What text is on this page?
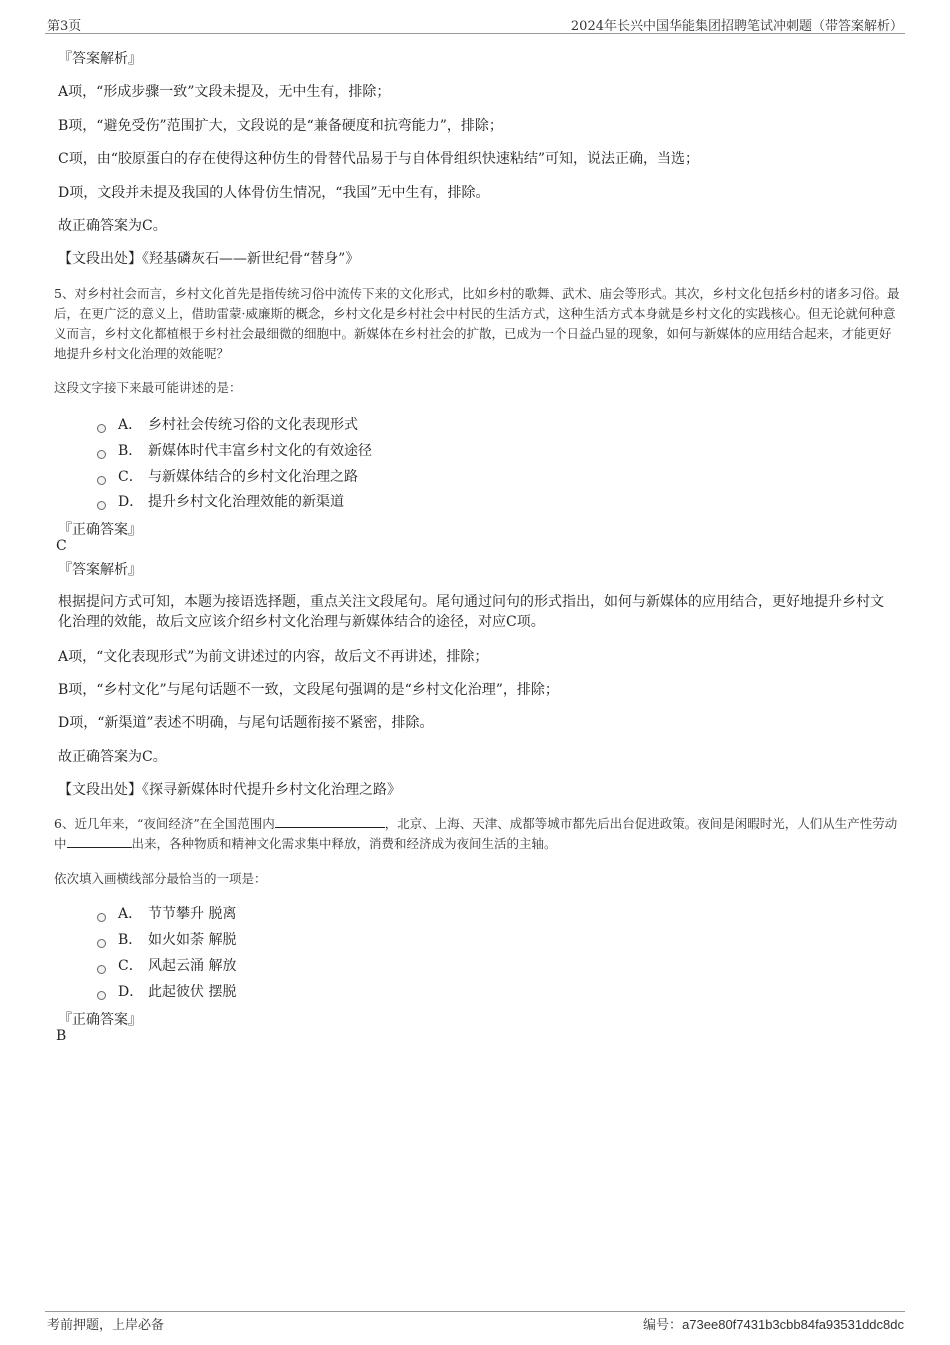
第3页	2024年长兴中国华能集团招聘笔试冲刺题（带答案解析）
『答案解析』
A项，“形成步骤一致”文段未提及，无中生有，排除；
B项，“避免受伤”范围扩大，文段说的是“兼备硬度和抗弯能力”，排除；
C项，由“胶原蛋白的存在使得这种仿生的骨替代品易于与自体骨组织快速粘结”可知，说法正确，当选；
D项，文段并未提及我国的人体骨仿生情况，“我国”无中生有，排除。
故正确答案为C。
【文段出处】《羟基磷灰石——新世纪骨“替身”》
5、对乡村社会而言，乡村文化首先是指传统习俗中流传下来的文化形式，比如乡村的歌舞、武术、庙会等形式。其次，乡村文化包括乡村的诸多习俗。最后，在更广泛的意义上，借助雷蒙·威廉斯的概念，乡村文化是乡村社会中村民的生活方式，这种生活方式本身就是乡村文化的实践核心。但无论就何种意义而言，乡村文化都植根于乡村社会最细微的细胞中。新媒体在乡村社会的扩散，已成为一个日益凸显的现象，如何与新媒体的应用结合起来，才能更好地提升乡村文化治理的效能呢？
这段文字接下来最可能讲述的是：
A． 乡村社会传统习俗的文化表现形式
B． 新媒体时代丰富乡村文化的有效途径
C． 与新媒体结合的乡村文化治理之路
D． 提升乡村文化治理效能的新渠道
『正确答案』
C
『答案解析』
根据提问方式可知，本题为接语选择题，重点关注文段尾句。尾句通过问句的形式指出，如何与新媒体的应用结合，更好地提升乡村文化治理的效能，故后文应该介绍乡村文化治理与新媒体结合的途径，对应C项。
A项，“文化表现形式”为前文讲述过的内容，故后文不再讲述，排除；
B项，“乡村文化”与尾句话题不一致，文段尾句强调的是“乡村文化治理”，排除；
D项，“新渠道”表述不明确，与尾句话题衔接不紧密，排除。
故正确答案为C。
【文段出处】《探寻新媒体时代提升乡村文化治理之路》
6、近几年来，“夜间经济”在全国范围内	，北京、上海、天津、成都等城市都先后出台促进政策。夜间是闲暇时光，人们从生产性劳动中	出来，各种物质和精神文化需求集中释放，消费和经济成为夜间生活的主轴。
依次填入画横线部分最恰当的一项是：
A． 节节攀升 脱离
B． 如火如荼 解脱
C． 风起云涌 解放
D． 此起彼伏 摆脱
『正确答案』
B
考前押题，上岸必备	编号：a73ee80f7431b3cbb84fa93531ddc8dc
